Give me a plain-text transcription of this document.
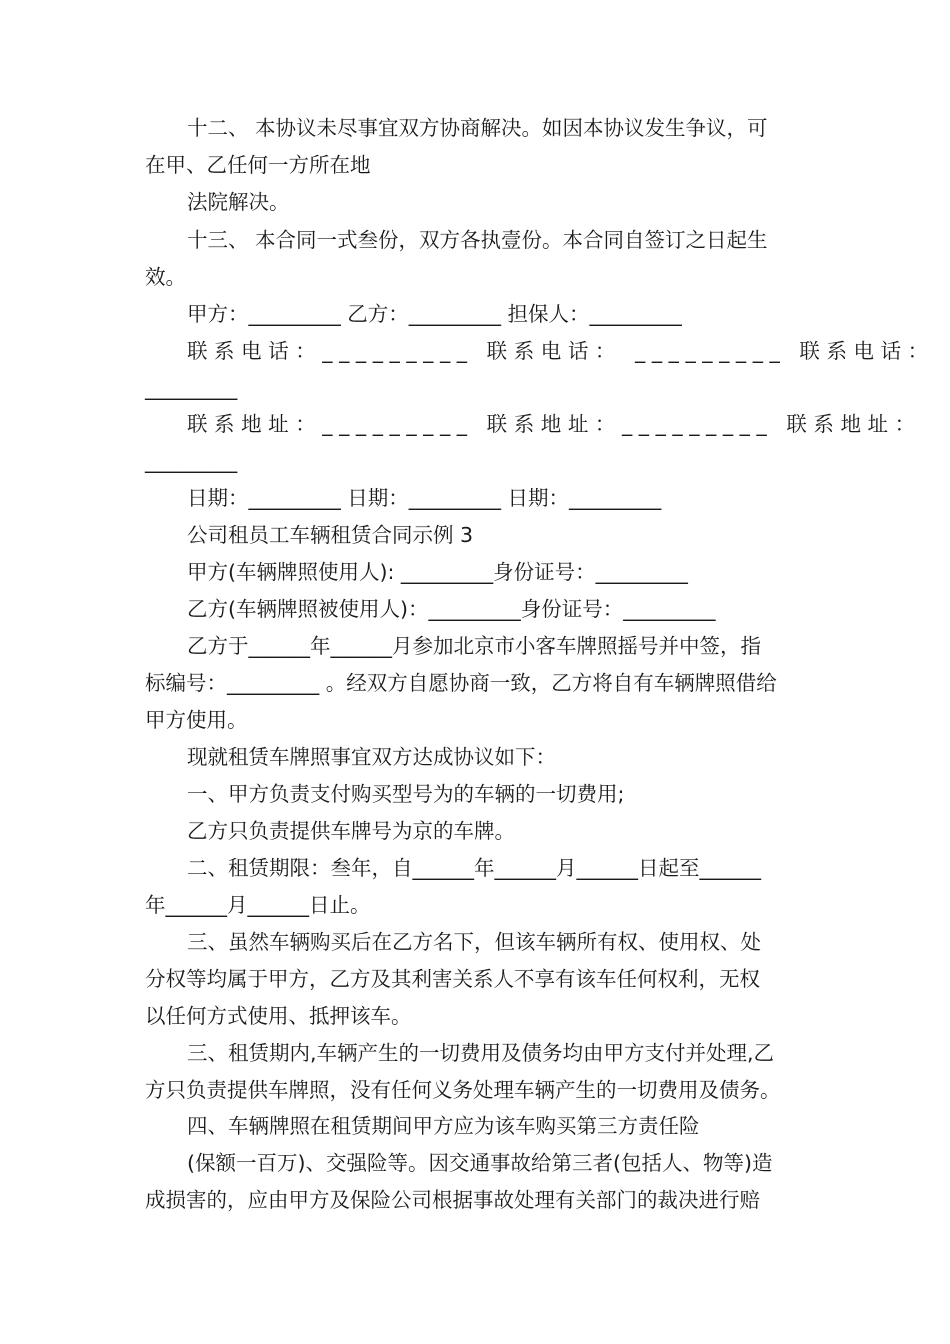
十二、 本协议未尽事宜双方协商解决。如因本协议发生争议，可
在甲、乙任何一方所在地
法院解决。
十三、 本合同一式叁份，双方各执壹份。本合同自签订之日起生
效。
甲方：_________ 乙方：_________ 担保人：_________
联系电话：_________ 联系电话： _________ 联系电话：
_________
联系地址：_________ 联系地址：_________ 联系地址：
_________
日期：_________ 日期：_________ 日期：_________
公司租员工车辆租赁合同示例 3
甲方(车辆牌照使用人): _________身份证号：_________
乙方(车辆牌照被使用人)：_________身份证号：_________
乙方于______年______月参加北京市小客车牌照摇号并中签，指
标编号：_________ 。经双方自愿协商一致，乙方将自有车辆牌照借给
甲方使用。
现就租赁车牌照事宜双方达成协议如下：
一、甲方负责支付购买型号为的车辆的一切费用;
乙方只负责提供车牌号为京的车牌。
二、租赁期限：叁年，自______年______月______日起至______
年______月______日止。
三、虽然车辆购买后在乙方名下，但该车辆所有权、使用权、处
分权等均属于甲方，乙方及其利害关系人不享有该车任何权利，无权
以任何方式使用、抵押该车。
三、租赁期内,车辆产生的一切费用及债务均由甲方支付并处理,乙
方只负责提供车牌照，没有任何义务处理车辆产生的一切费用及债务。
四、车辆牌照在租赁期间甲方应为该车购买第三方责任险
(保额一百万)、交强险等。因交通事故给第三者(包括人、物等)造
成损害的，应由甲方及保险公司根据事故处理有关部门的裁决进行赔
